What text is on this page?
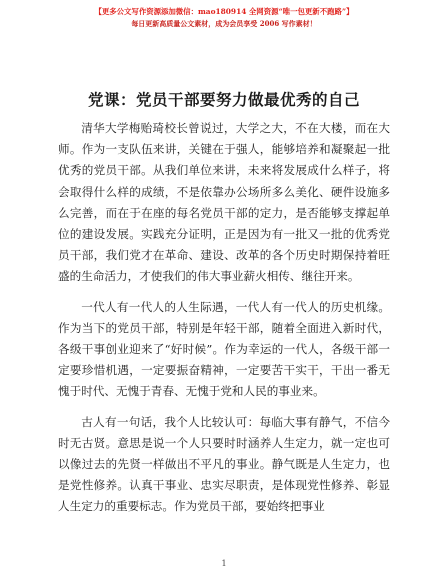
【更多公文写作资源添加微信：mao180914 全网资源“唯一包更新不跑路”】
每日更新高质量公文素材，成为会员享受 2006 写作素材！
党课：党员干部要努力做最优秀的自己

清华大学梅贻琦校长曾说过，大学之大，不在大楼，而在大师。作为一支队伍来讲，关键在于强人，能够培养和凝聚起一批优秀的党员干部。从我们单位来讲，未来将发展成什么样子，将会取得什么样的成绩，不是依靠办公场所多么美化、硬件设施多么完善，而在于在座的每名党员干部的定力，是否能够支撑起单位的建设发展。实践充分证明，正是因为有一批又一批的优秀党员干部，我们党才在革命、建设、改革的各个历史时期保持着旺盛的生命活力，才使我们的伟大事业薪火相传、继往开来。

一代人有一代人的人生际遇，一代人有一代人的历史机缘。作为当下的党员干部，特别是年轻干部，随着全面进入新时代，各级干事创业迎来了“好时候”。作为幸运的一代人，各级干部一定要珍惜机遇，一定要振奋精神，一定要苦干实干，干出一番无愧于时代、无愧于青春、无愧于党和人民的事业来。

古人有一句话，我个人比较认可：每临大事有静气，不信今时无古贤。意思是说一个人只要时时涵养人生定力，就一定也可以像过去的先贤一样做出不平凡的事业。静气既是人生定力，也是党性修养。认真干事业、忠实尽职责，是体现党性修养、彰显人生定力的重要标志。作为党员干部，要始终把事业

1
